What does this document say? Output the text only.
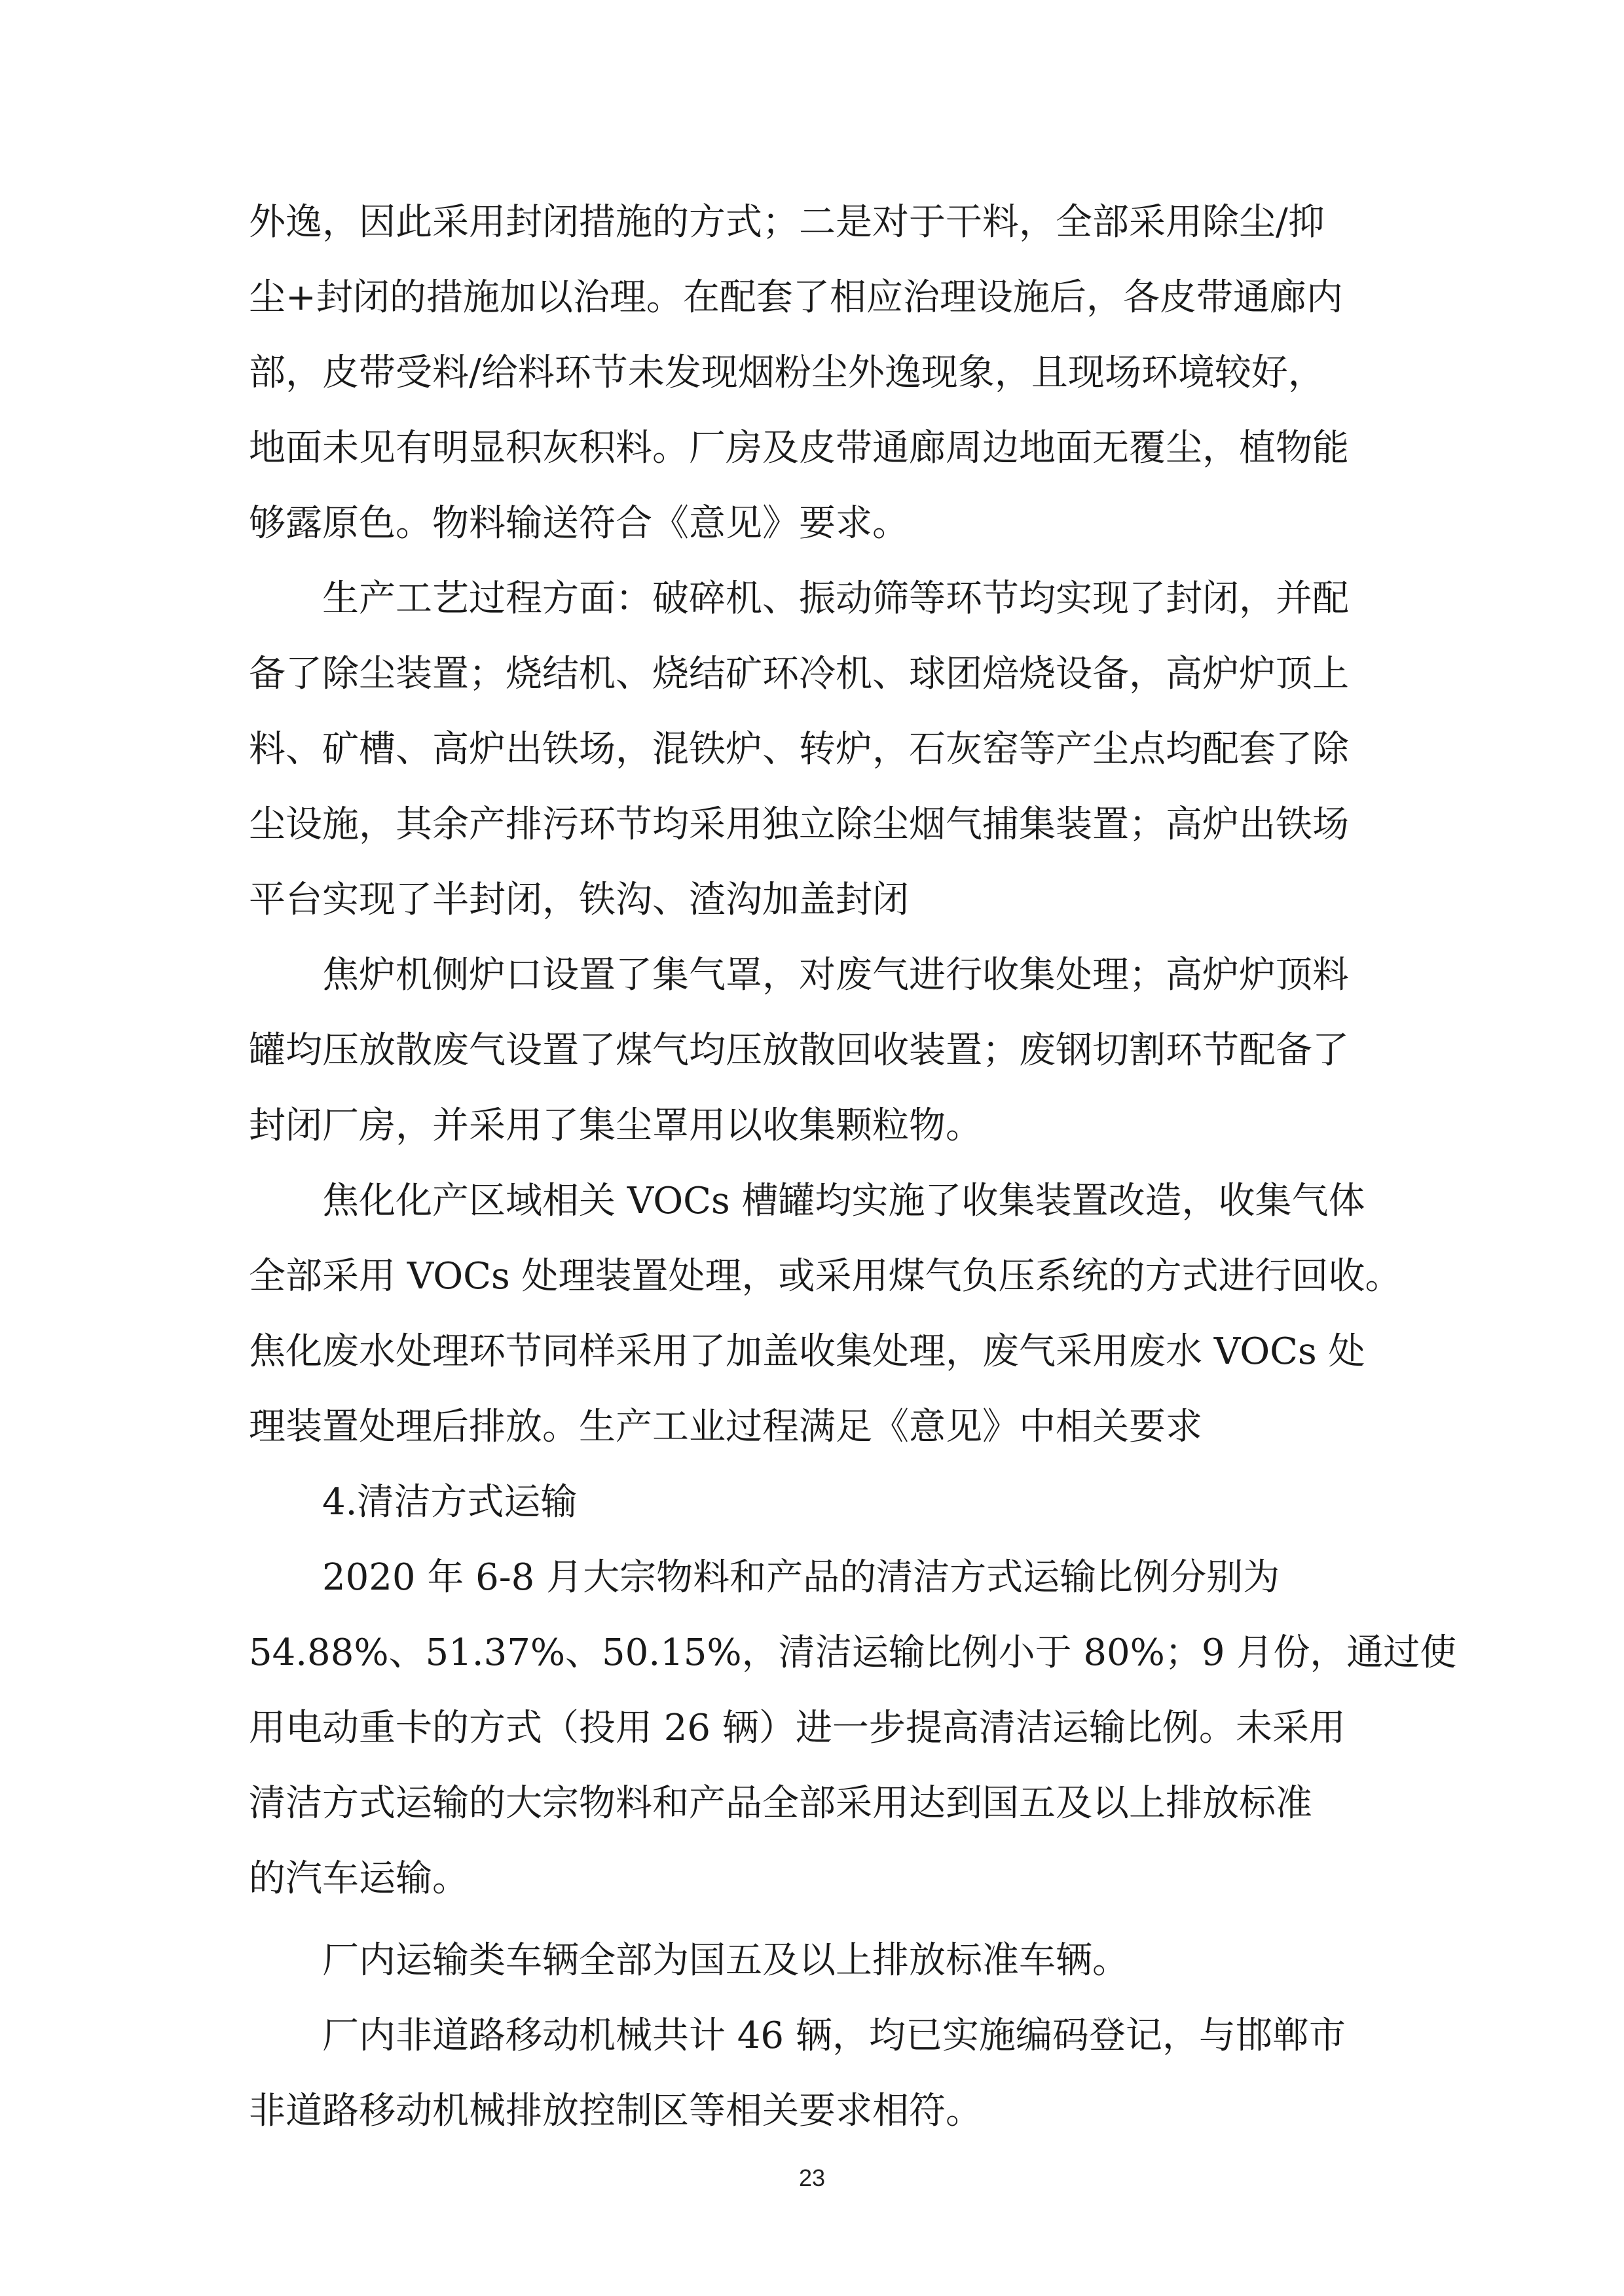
外逸，因此采用封闭措施的方式；二是对于干料，全部采用除尘/抑
尘+封闭的措施加以治理。在配套了相应治理设施后，各皮带通廊内
部，皮带受料/给料环节未发现烟粉尘外逸现象，且现场环境较好，
地面未见有明显积灰积料。厂房及皮带通廊周边地面无覆尘，植物能
够露原色。物料输送符合《意见》要求。
生产工艺过程方面：破碎机、振动筛等环节均实现了封闭，并配
备了除尘装置；烧结机、烧结矿环冷机、球团焙烧设备，高炉炉顶上
料、矿槽、高炉出铁场，混铁炉、转炉，石灰窑等产尘点均配套了除
尘设施，其余产排污环节均采用独立除尘烟气捕集装置；高炉出铁场
平台实现了半封闭，铁沟、渣沟加盖封闭
焦炉机侧炉口设置了集气罩，对废气进行收集处理；高炉炉顶料
罐均压放散废气设置了煤气均压放散回收装置；废钢切割环节配备了
封闭厂房，并采用了集尘罩用以收集颗粒物。
焦化化产区域相关 VOCs 槽罐均实施了收集装置改造，收集气体
全部采用 VOCs 处理装置处理，或采用煤气负压系统的方式进行回收。
焦化废水处理环节同样采用了加盖收集处理，废气采用废水 VOCs 处
理装置处理后排放。生产工业过程满足《意见》中相关要求
4.清洁方式运输
2020 年 6-8 月大宗物料和产品的清洁方式运输比例分别为
54.88%、51.37%、50.15%，清洁运输比例小于 80%；9 月份，通过使
用电动重卡的方式（投用 26 辆）进一步提高清洁运输比例。未采用
清洁方式运输的大宗物料和产品全部采用达到国五及以上排放标准
的汽车运输。
厂内运输类车辆全部为国五及以上排放标准车辆。
厂内非道路移动机械共计 46 辆，均已实施编码登记，与邯郸市
非道路移动机械排放控制区等相关要求相符。
23
